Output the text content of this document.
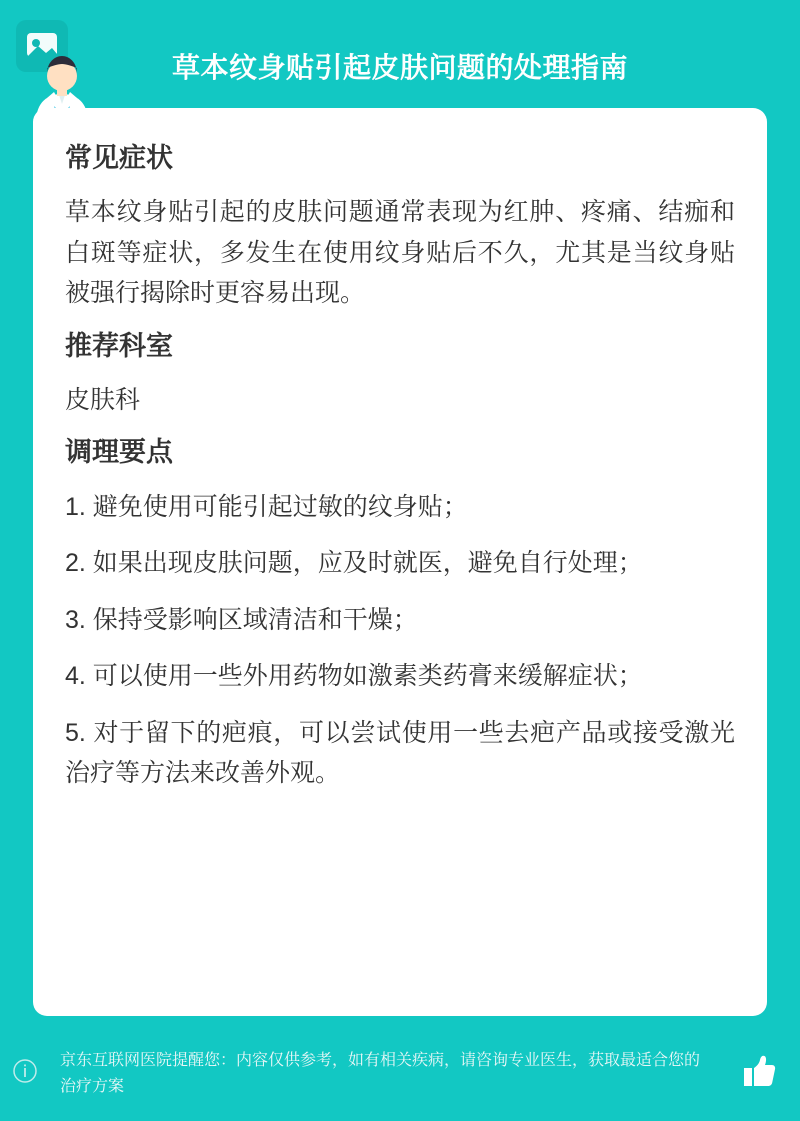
草本纹身贴引起皮肤问题的处理指南
常见症状
草本纹身贴引起的皮肤问题通常表现为红肿、疼痛、结痂和白斑等症状，多发生在使用纹身贴后不久，尤其是当纹身贴被强行揭除时更容易出现。
推荐科室
皮肤科
调理要点
1. 避免使用可能引起过敏的纹身贴；
2. 如果出现皮肤问题，应及时就医，避免自行处理；
3. 保持受影响区域清洁和干燥；
4. 可以使用一些外用药物如激素类药膏来缓解症状；
5. 对于留下的疤痕，可以尝试使用一些去疤产品或接受激光治疗等方法来改善外观。
京东互联网医院提醒您：内容仅供参考，如有相关疾病，请咨询专业医生，获取最适合您的治疗方案
